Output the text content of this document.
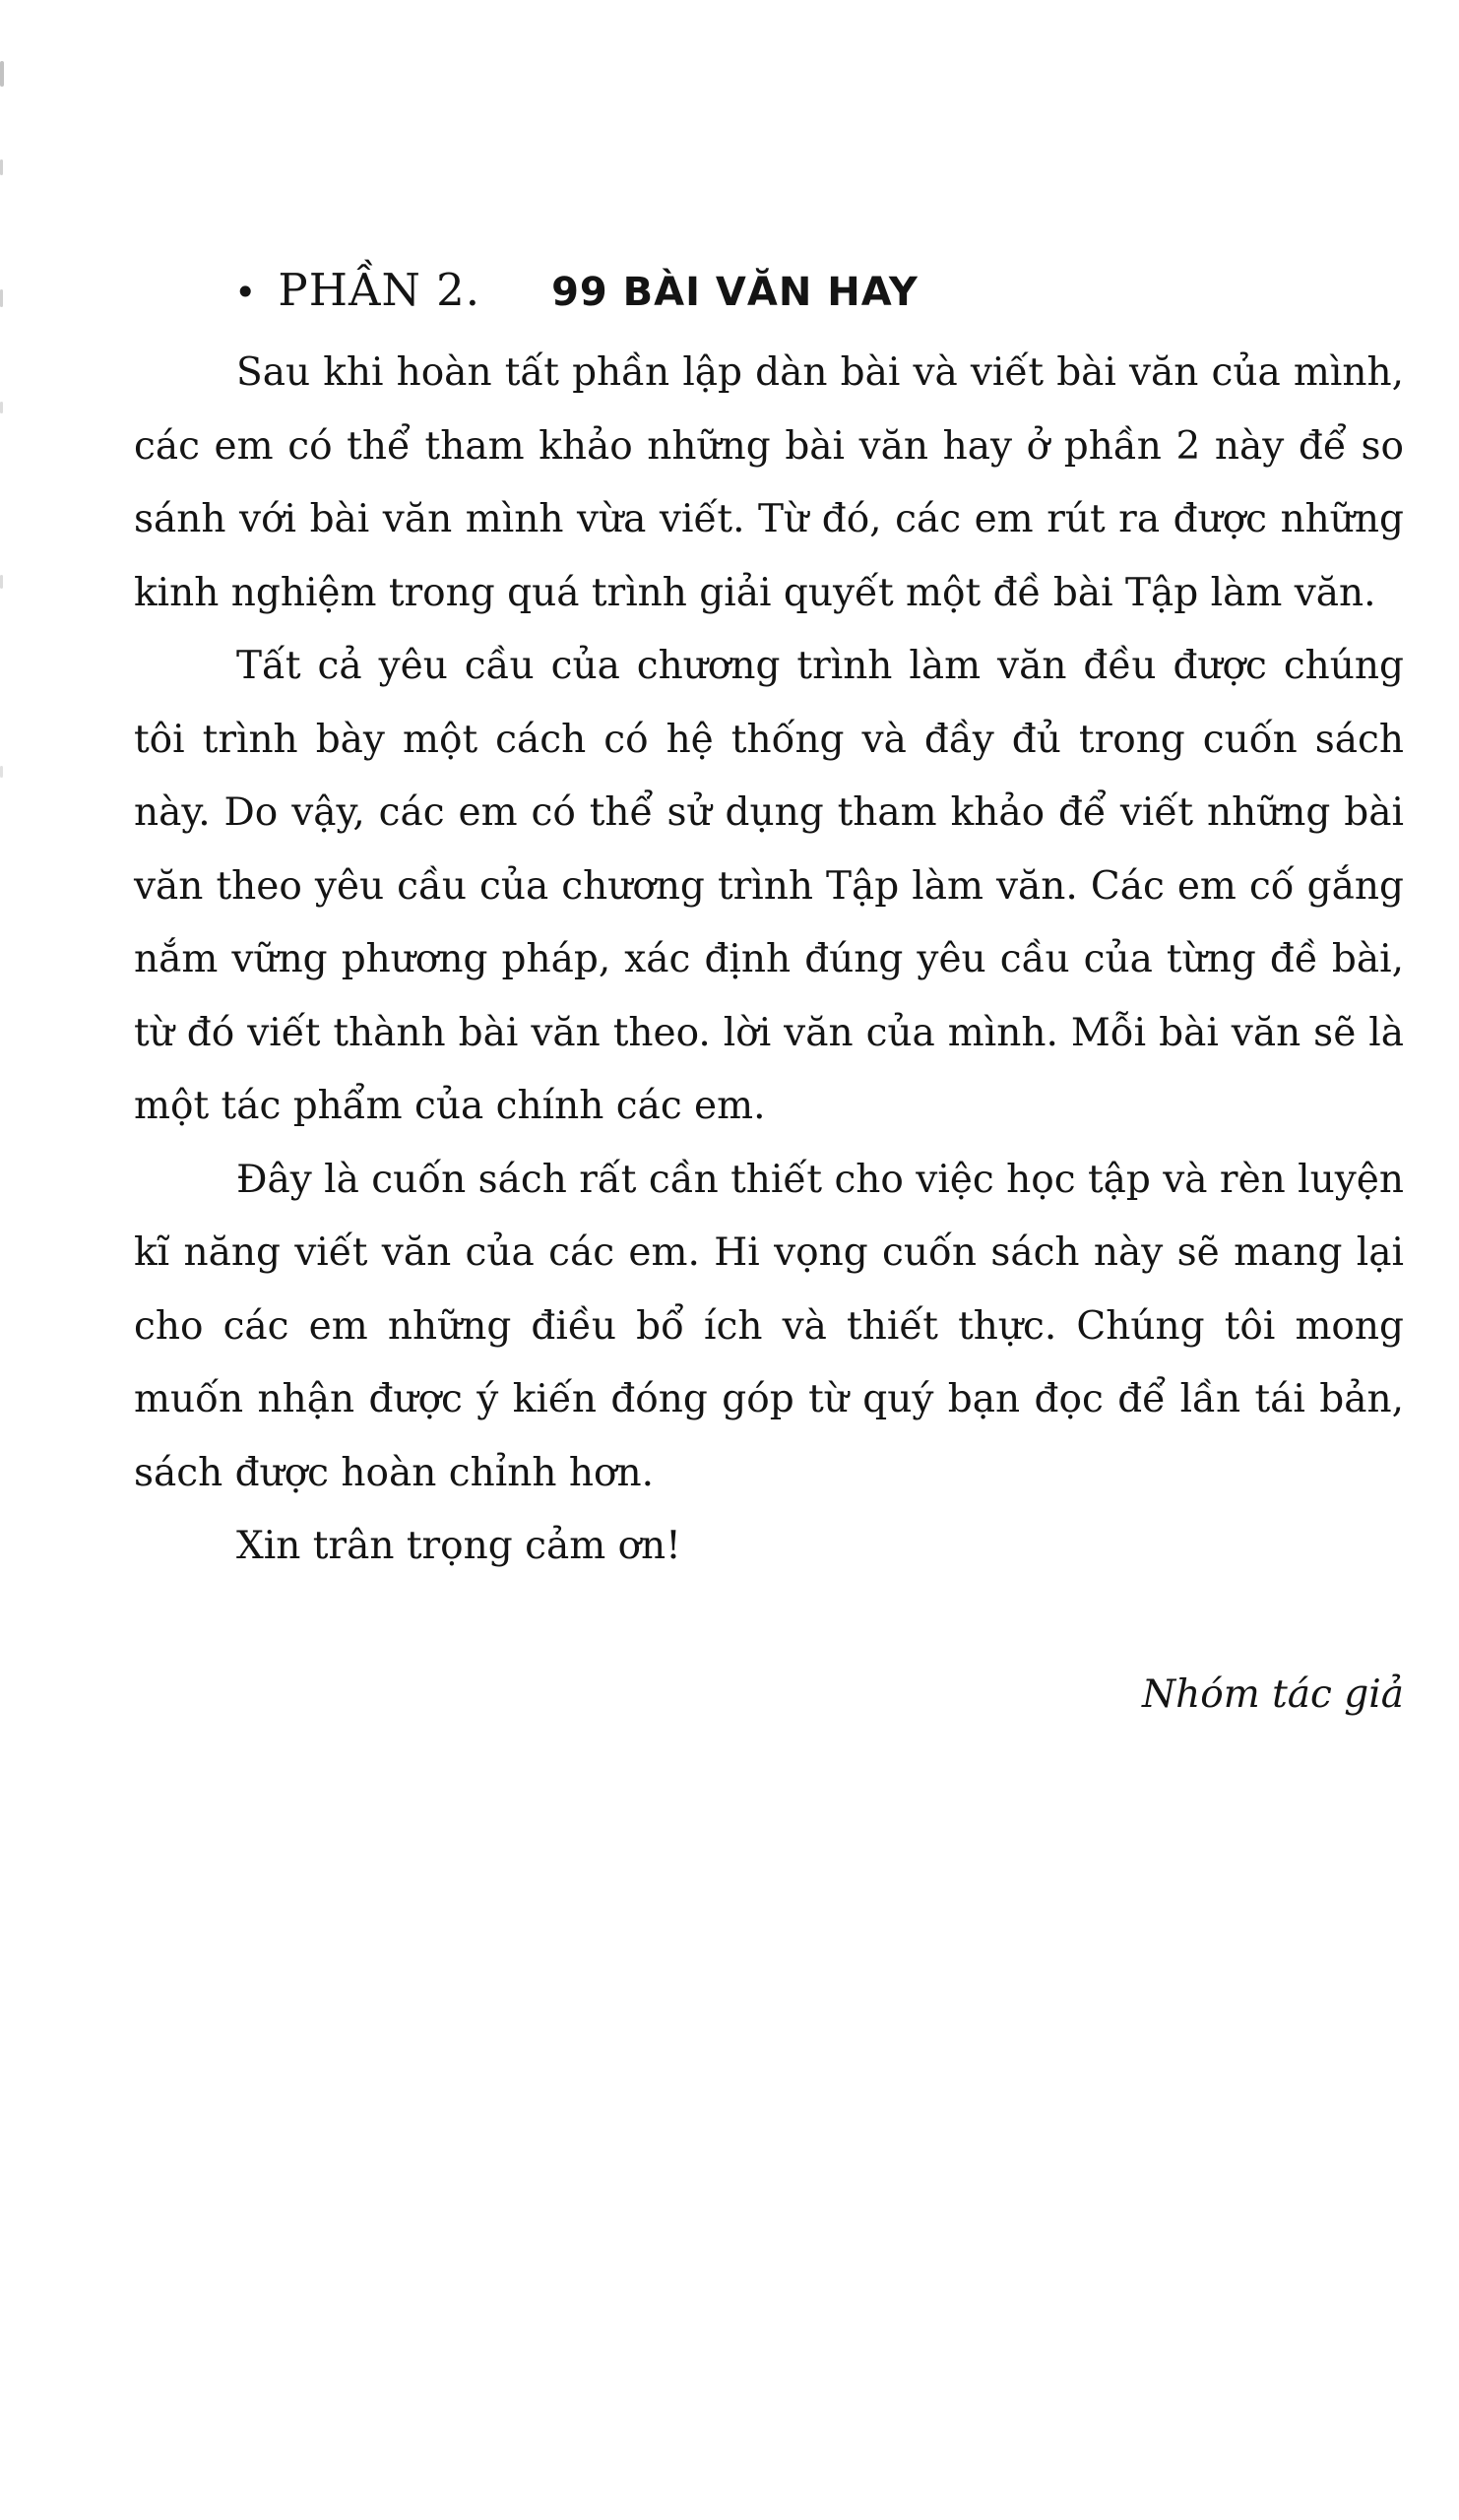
• PHẦN 2. 99 BÀI VĂN HAY

Sau khi hoàn tất phần lập dàn bài và viết bài văn của mình, các em có thể tham khảo những bài văn hay ở phần 2 này để so sánh với bài văn mình vừa viết. Từ đó, các em rút ra được những kinh nghiệm trong quá trình giải quyết một đề bài Tập làm văn.

Tất cả yêu cầu của chương trình làm văn đều được chúng tôi trình bày một cách có hệ thống và đầy đủ trong cuốn sách này. Do vậy, các em có thể sử dụng tham khảo để viết những bài văn theo yêu cầu của chương trình Tập làm văn. Các em cố gắng nắm vững phương pháp, xác định đúng yêu cầu của từng đề bài, từ đó viết thành bài văn theo. lời văn của mình. Mỗi bài văn sẽ là một tác phẩm của chính các em.

Đây là cuốn sách rất cần thiết cho việc học tập và rèn luyện kĩ năng viết văn của các em. Hi vọng cuốn sách này sẽ mang lại cho các em những điều bổ ích và thiết thực. Chúng tôi mong muốn nhận được ý kiến đóng góp từ quý bạn đọc để lần tái bản, sách được hoàn chỉnh hơn.

Xin trân trọng cảm ơn!

Nhóm tác giả
